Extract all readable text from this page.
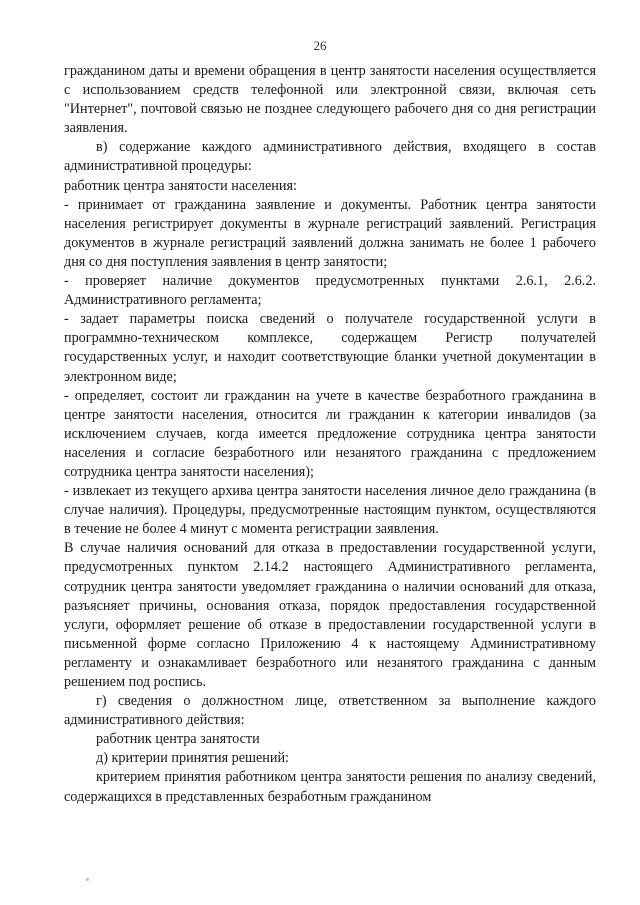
26

гражданином даты и времени обращения в центр занятости населения осуществляется с использованием средств телефонной или электронной связи, включая сеть "Интернет", почтовой связью не позднее следующего рабочего дня со дня регистрации заявления.

в) содержание каждого административного действия, входящего в состав административной процедуры:

работник центра занятости населения:

- принимает от гражданина заявление и документы. Работник центра занятости населения регистрирует документы в журнале регистраций заявлений. Регистрация документов в журнале регистраций заявлений должна занимать не более 1 рабочего дня со дня поступления заявления в центр занятости;

- проверяет наличие документов предусмотренных пунктами 2.6.1, 2.6.2. Административного регламента;

- задает параметры поиска сведений о получателе государственной услуги в программно-техническом комплексе, содержащем Регистр получателей государственных услуг, и находит соответствующие бланки учетной документации в электронном виде;

- определяет, состоит ли гражданин на учете в качестве безработного гражданина в центре занятости населения, относится ли гражданин к категории инвалидов (за исключением случаев, когда имеется предложение сотрудника центра занятости населения и согласие безработного или незанятого гражданина с предложением сотрудника центра занятости населения);

- извлекает из текущего архива центра занятости населения личное дело гражданина (в случае наличия). Процедуры, предусмотренные настоящим пунктом, осуществляются в течение не более 4 минут с момента регистрации заявления.

В случае наличия оснований для отказа в предоставлении государственной услуги, предусмотренных пунктом 2.14.2 настоящего Административного регламента, сотрудник центра занятости уведомляет гражданина о наличии оснований для отказа, разъясняет причины, основания отказа, порядок предоставления государственной услуги, оформляет решение об отказе в предоставлении государственной услуги в письменной форме согласно Приложению 4 к настоящему Административному регламенту и ознакамливает безработного или незанятого гражданина с данным решением под роспись.

г) сведения о должностном лице, ответственном за выполнение каждого административного действия:

работник центра занятости

д) критерии принятия решений:

критерием принятия работником центра занятости решения по анализу сведений, содержащихся в представленных безработным гражданином
